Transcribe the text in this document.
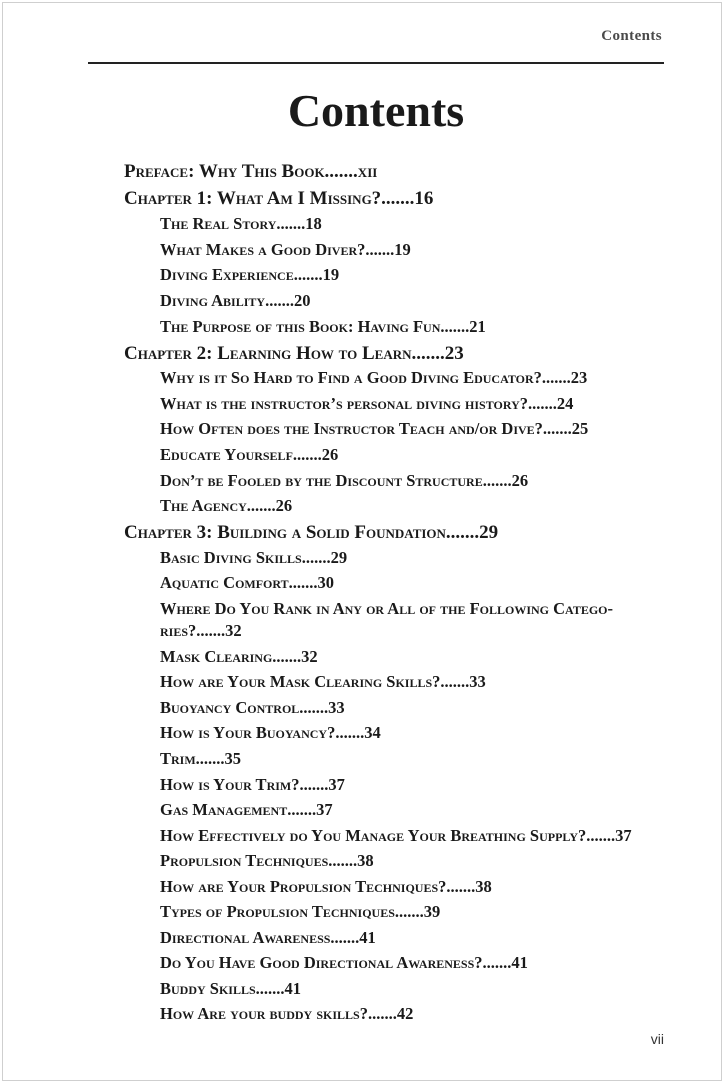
Contents
Contents
Preface: Why This Book.......xii
Chapter 1: What Am I Missing?.......16
The Real Story.......18
What Makes a Good Diver?.......19
Diving Experience.......19
Diving Ability.......20
The Purpose of this Book: Having Fun.......21
Chapter 2: Learning How to Learn.......23
Why is it So Hard to Find a Good Diving Educator?.......23
What is the instructor’s personal diving history?.......24
How Often does the Instructor Teach and/or Dive?.......25
Educate Yourself.......26
Don’t be Fooled by the Discount Structure.......26
The Agency.......26
Chapter 3: Building a Solid Foundation.......29
Basic Diving Skills.......29
Aquatic Comfort.......30
Where Do You Rank in Any or All of the Following Catego-
ries?.......32
Mask Clearing.......32
How are Your Mask Clearing Skills?.......33
Buoyancy Control.......33
How is Your Buoyancy?.......34
Trim.......35
How is Your Trim?.......37
Gas Management.......37
How Effectively do You Manage Your Breathing Supply?.......37
Propulsion Techniques.......38
How are Your Propulsion Techniques?.......38
Types of Propulsion Techniques.......39
Directional Awareness.......41
Do You Have Good Directional Awareness?.......41
Buddy Skills.......41
How Are your buddy skills?.......42
vii
